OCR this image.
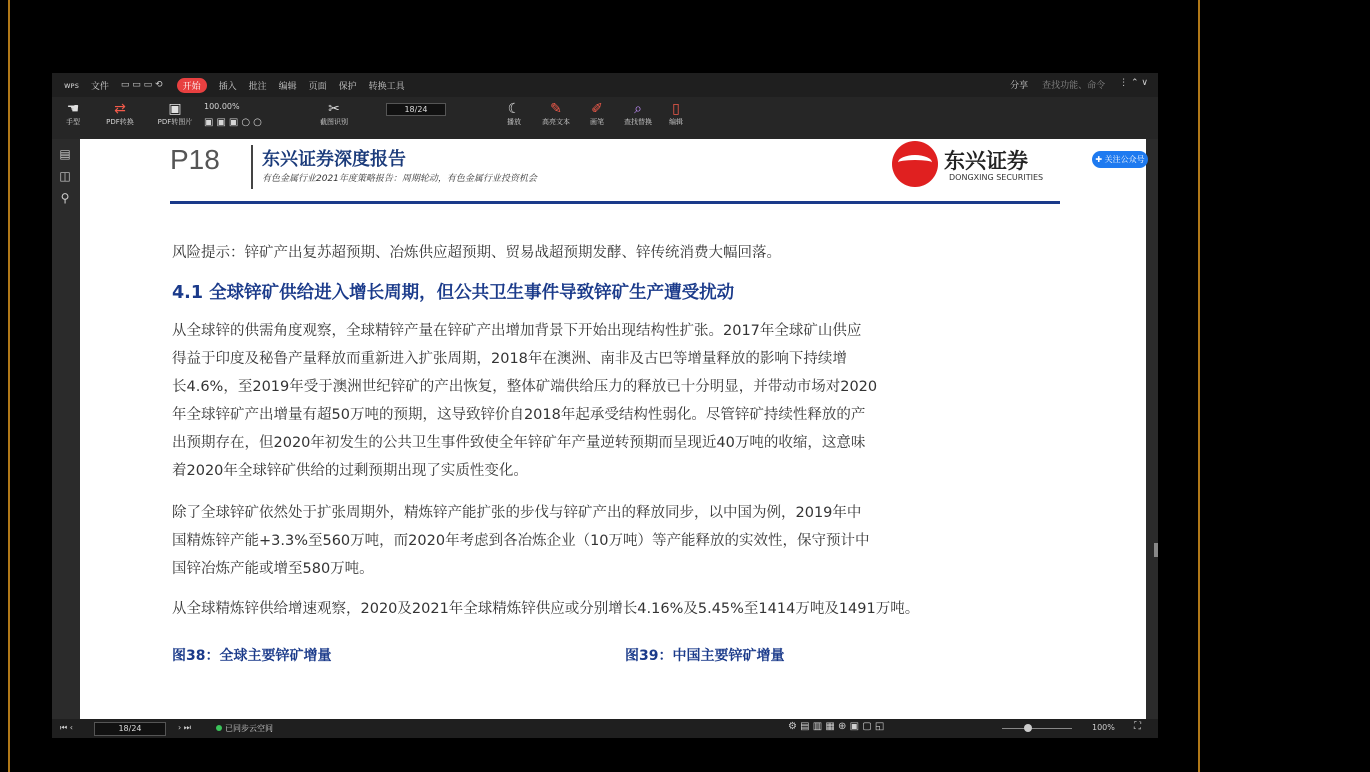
ᴡᴘꜱ 文件 ▭ ▭ ▭ ⟲	开始	插入 批注 编辑 页面 保护 转换工具	分享 查找功能、命令 ⋮ ⌃ ∨
☚
手型
⇄
PDF转换
▣
PDF转图片
100.00%
▣▣▣○○
✂
截图识别
18/24	☾
播放
✎
高亮文本
✐
画笔
⌕
查找替换
▯
编辑
▤
◫
⚲
P18 东兴证券深度报告
有色金属行业2021年度策略报告：周期轮动，有色金属行业投资机会
东兴证券
DONGXING SECURITIES
风险提示：锌矿产出复苏超预期、冶炼供应超预期、贸易战超预期发酵、锌传统消费大幅回落。
4.1 全球锌矿供给进入增长周期，但公共卫生事件导致锌矿生产遭受扰动
从全球锌的供需角度观察，全球精锌产量在锌矿产出增加背景下开始出现结构性扩张。2017年全球矿山供应
得益于印度及秘鲁产量释放而重新进入扩张周期，2018年在澳洲、南非及古巴等增量释放的影响下持续增
长4.6%，至2019年受于澳洲世纪锌矿的产出恢复，整体矿端供给压力的释放已十分明显，并带动市场对2020
年全球锌矿产出增量有超50万吨的预期，这导致锌价自2018年起承受结构性弱化。尽管锌矿持续性释放的产
出预期存在，但2020年初发生的公共卫生事件致使全年锌矿年产量逆转预期而呈现近40万吨的收缩，这意味
着2020年全球锌矿供给的过剩预期出现了实质性变化。
除了全球锌矿依然处于扩张周期外，精炼锌产能扩张的步伐与锌矿产出的释放同步，以中国为例，2019年中
国精炼锌产能+3.3%至560万吨，而2020年考虑到各冶炼企业（10万吨）等产能释放的实效性，保守预计中
国锌冶炼产能或增至580万吨。
从全球精炼锌供给增速观察，2020及2021年全球精炼锌供应或分别增长4.16%及5.45%至1414万吨及1491万吨。
图38：全球主要锌矿增量	图39：中国主要锌矿增量
✚ 关注公众号
⏮ ‹	18/24	› ⏭	已同步云空间	⚙ ▤ ▥ ▦ ⊕ ▣ ▢ ◱	100% ⛶
